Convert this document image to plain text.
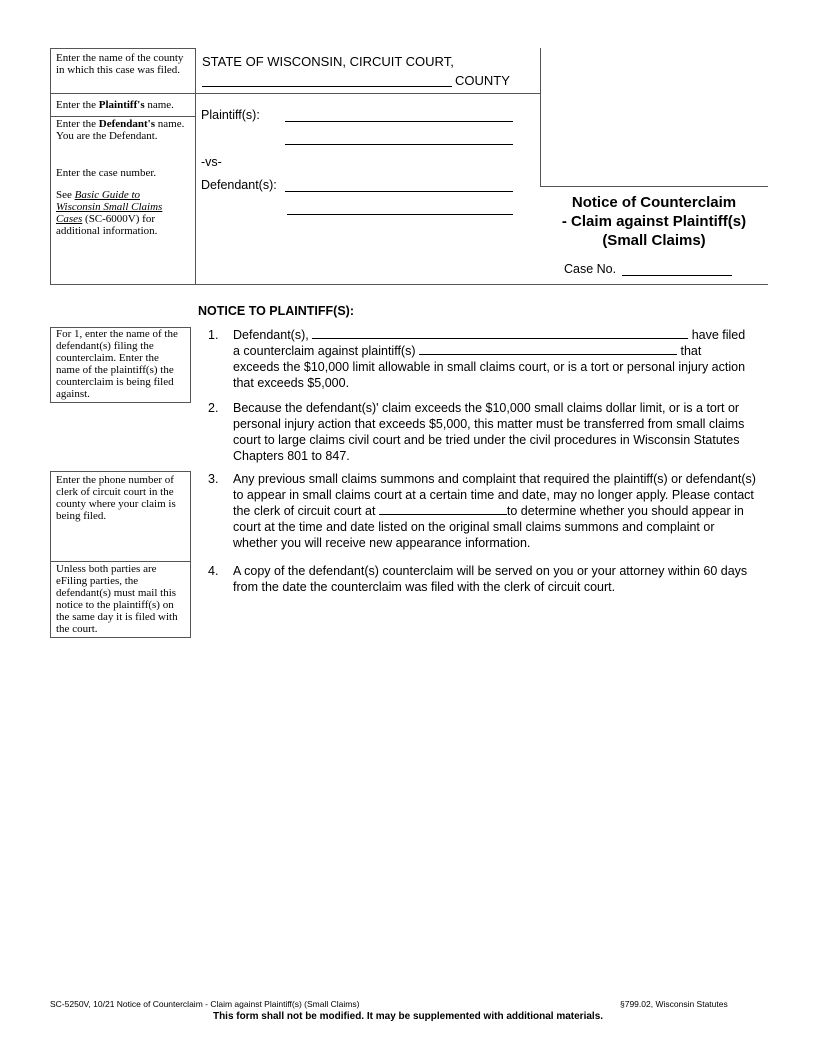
Enter the name of the county in which this case was filed.
Enter the Plaintiff's name.
Enter the Defendant's name. You are the Defendant.
Enter the case number.
See Basic Guide to Wisconsin Small Claims Cases (SC-6000V) for additional information.
STATE OF WISCONSIN, CIRCUIT COURT,
COUNTY
Plaintiff(s):
-vs-
Defendant(s):
Notice of Counterclaim
- Claim against Plaintiff(s)
(Small Claims)
Case No.
NOTICE TO PLAINTIFF(S):
For 1, enter the name of the defendant(s) filing the counterclaim. Enter the name of the plaintiff(s) the counterclaim is being filed against.
Enter the phone number of clerk of circuit court in the county where your claim is being filed.
Unless both parties are eFiling parties, the defendant(s) must mail this notice to the plaintiff(s) on the same day it is filed with the court.
1. Defendant(s),	have filed
a counterclaim against plaintiff(s)	that
exceeds the $10,000 limit allowable in small claims court, or is a tort or personal injury action that exceeds $5,000.
2. Because the defendant(s)' claim exceeds the $10,000 small claims dollar limit, or is a tort or personal injury action that exceeds $5,000, this matter must be transferred from small claims court to large claims civil court and be tried under the civil procedures in Wisconsin Statutes Chapters 801 to 847.
3. Any previous small claims summons and complaint that required the plaintiff(s) or defendant(s) to appear in small claims court at a certain time and date, may no longer apply. Please contact the clerk of circuit court at	to determine whether you should appear in court at the time and date listed on the original small claims summons and complaint or whether you will receive new appearance information.
4. A copy of the defendant(s) counterclaim will be served on you or your attorney within 60 days from the date the counterclaim was filed with the clerk of circuit court.
SC-5250V, 10/21 Notice of Counterclaim - Claim against Plaintiff(s) (Small Claims)	§799.02, Wisconsin Statutes
This form shall not be modified. It may be supplemented with additional materials.
